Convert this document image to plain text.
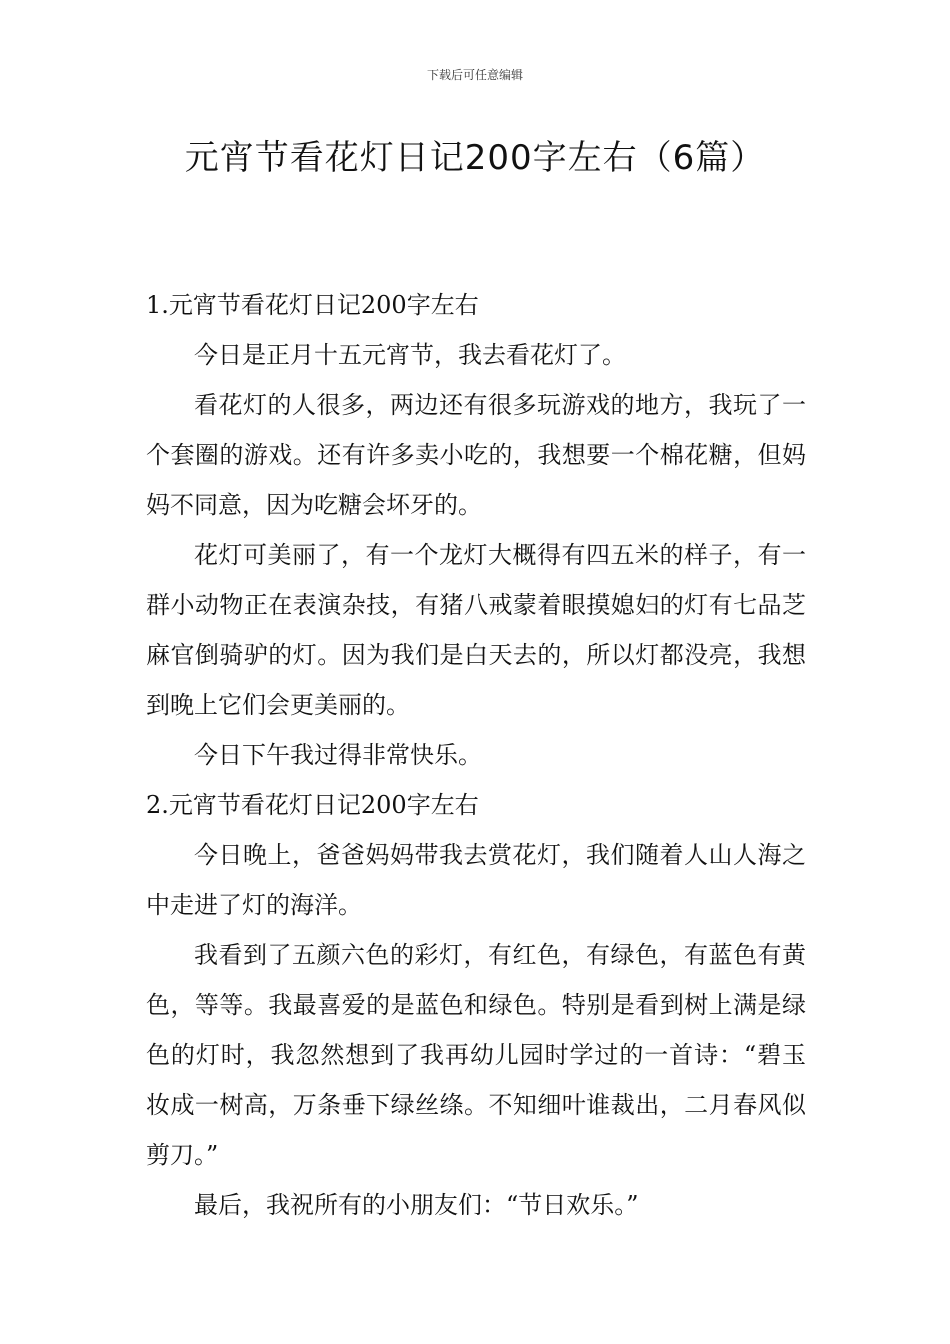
下载后可任意编辑
元宵节看花灯日记200字左右（6篇）
1.元宵节看花灯日记200字左右

今日是正月十五元宵节，我去看花灯了。

看花灯的人很多，两边还有很多玩游戏的地方，我玩了一个套圈的游戏。还有许多卖小吃的，我想要一个棉花糖，但妈妈不同意，因为吃糖会坏牙的。

花灯可美丽了，有一个龙灯大概得有四五米的样子，有一群小动物正在表演杂技，有猪八戒蒙着眼摸媳妇的灯有七品芝麻官倒骑驴的灯。因为我们是白天去的，所以灯都没亮，我想到晚上它们会更美丽的。

今日下午我过得非常快乐。

2.元宵节看花灯日记200字左右

今日晚上，爸爸妈妈带我去赏花灯，我们随着人山人海之中走进了灯的海洋。

我看到了五颜六色的彩灯，有红色，有绿色，有蓝色有黄色，等等。我最喜爱的是蓝色和绿色。特别是看到树上满是绿色的灯时，我忽然想到了我再幼儿园时学过的一首诗：“碧玉妆成一树高，万条垂下绿丝绦。不知细叶谁裁出，二月春风似剪刀。”

最后，我祝所有的小朋友们：“节日欢乐。”
